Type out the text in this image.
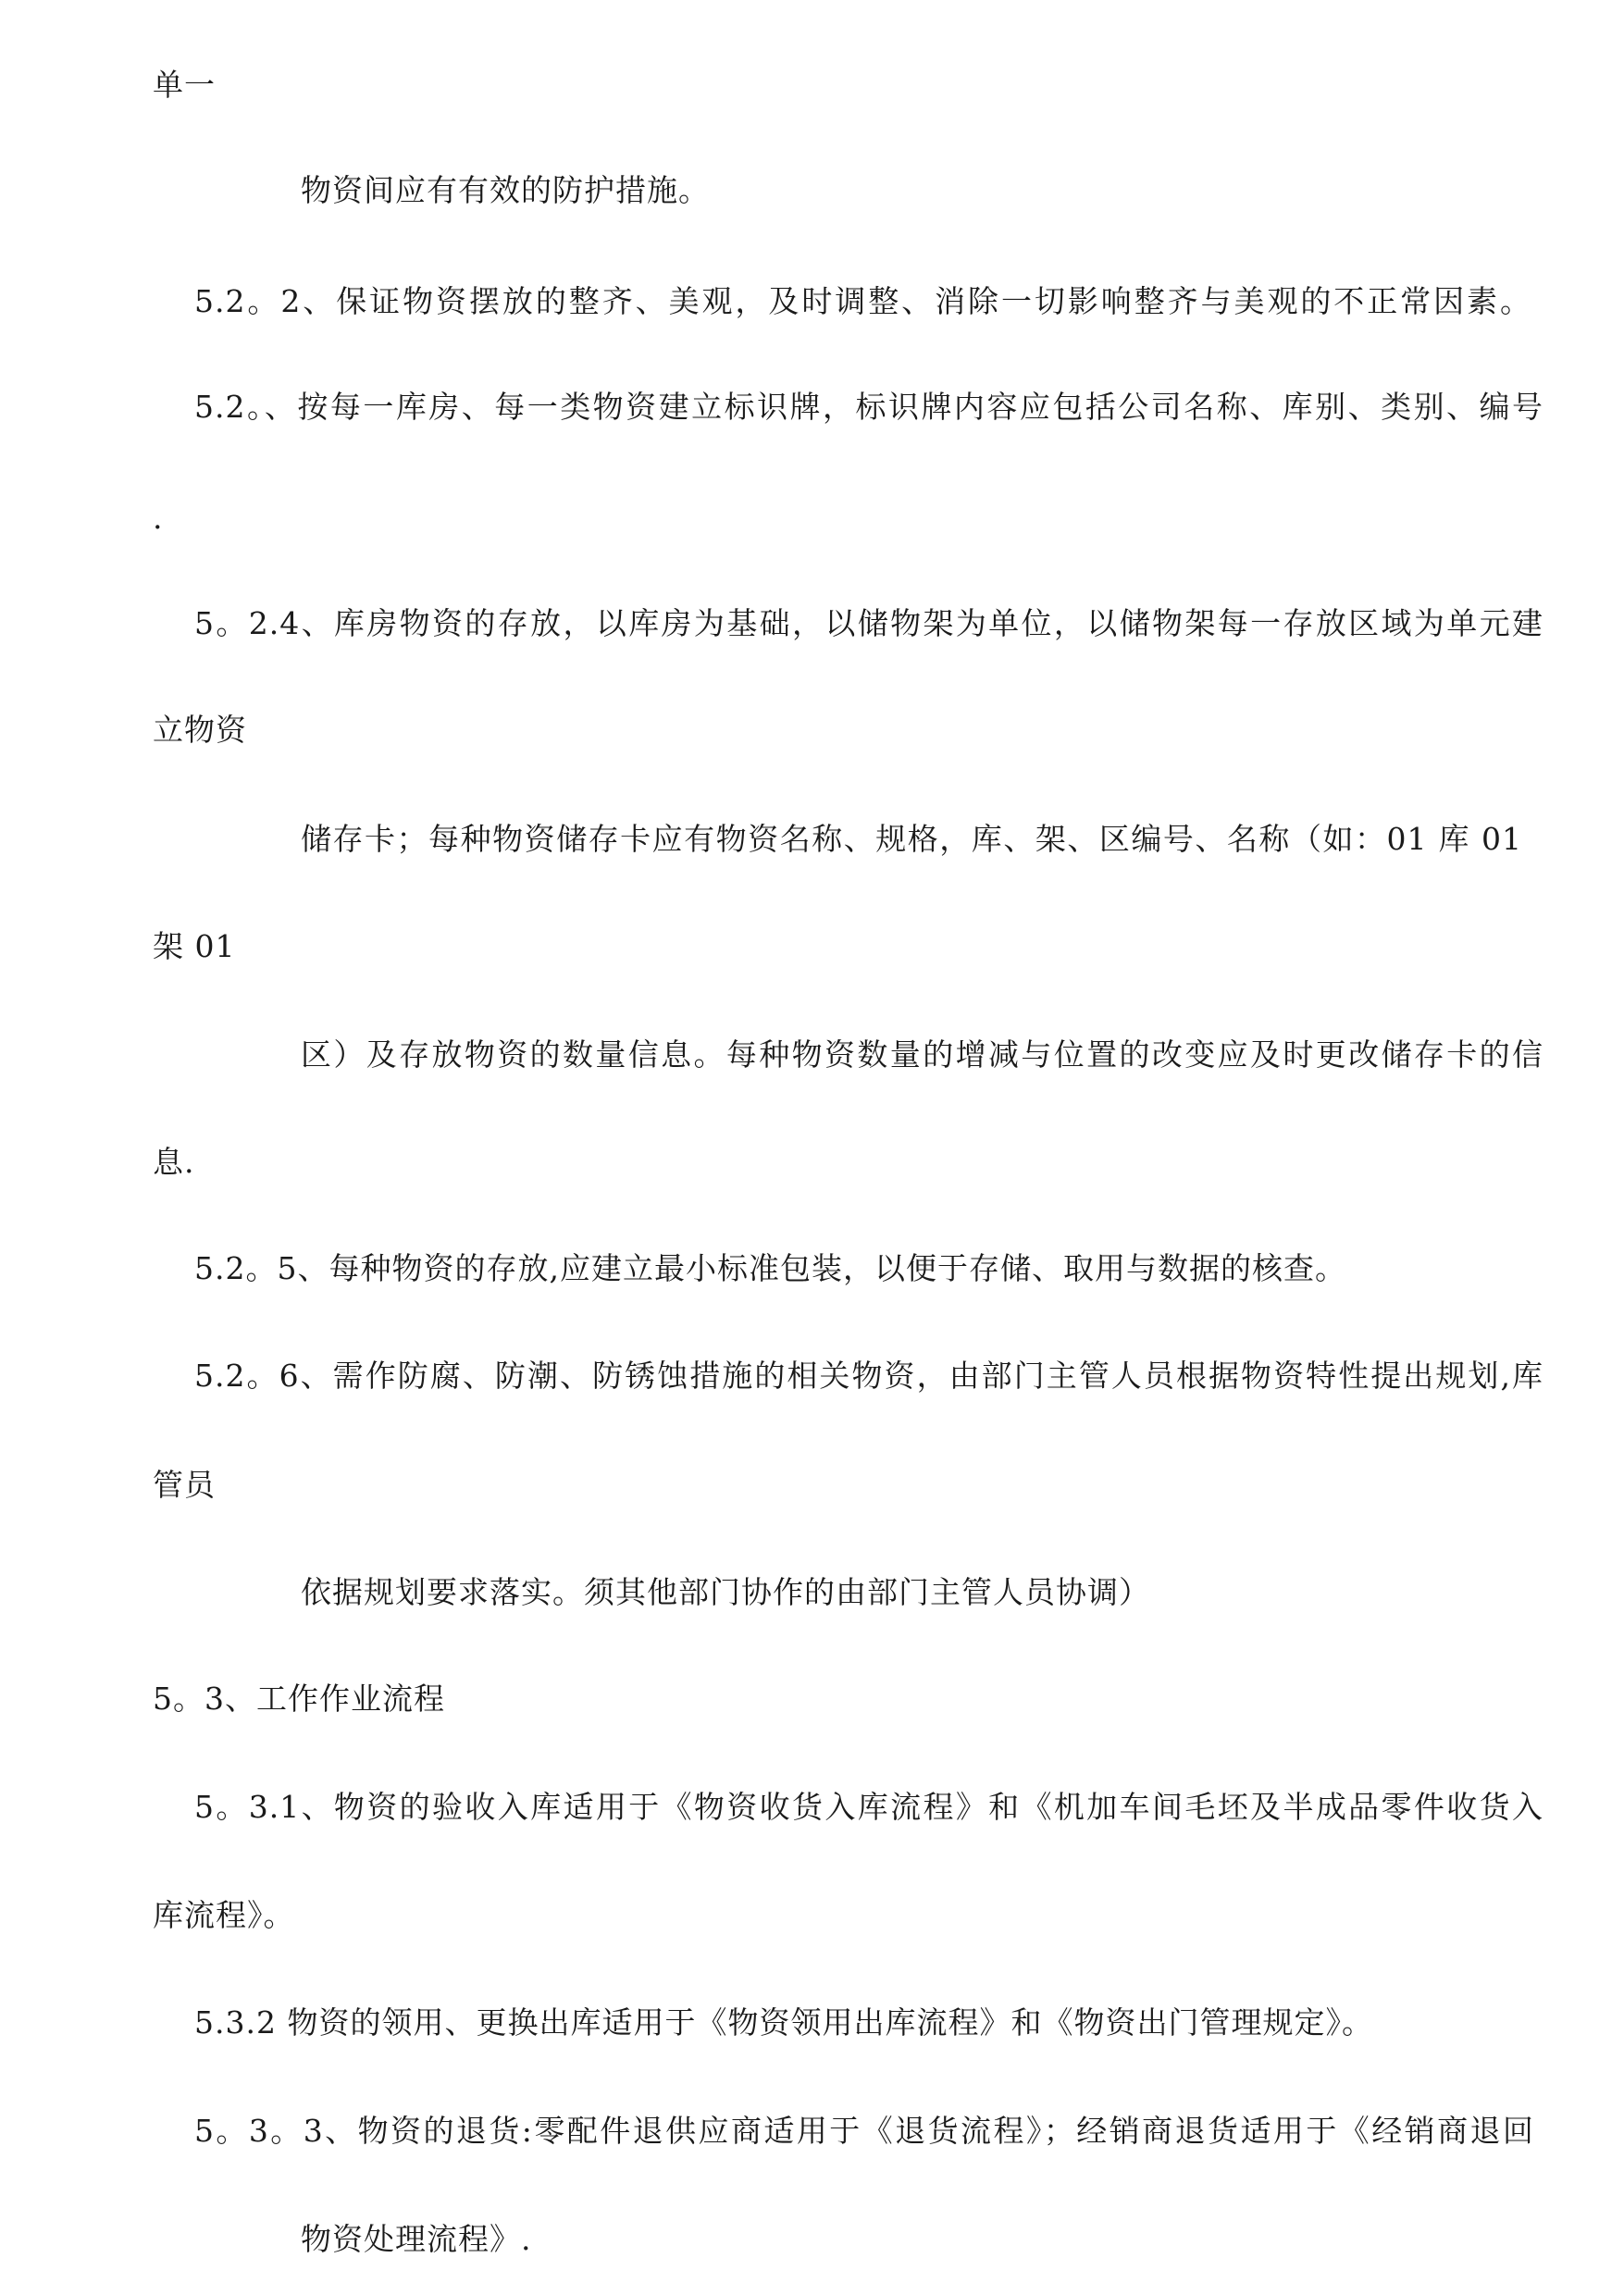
单一
物资间应有有效的防护措施。
5.2。2、保证物资摆放的整齐、美观，及时调整、消除一切影响整齐与美观的不正常因素。
5.2。、按每一库房、每一类物资建立标识牌，标识牌内容应包括公司名称、库别、类别、编号
.
5。2.4、库房物资的存放，以库房为基础，以储物架为单位，以储物架每一存放区域为单元建
立物资
储存卡；每种物资储存卡应有物资名称、规格，库、架、区编号、名称（如：01 库 01
架 01
区）及存放物资的数量信息。每种物资数量的增减与位置的改变应及时更改储存卡的信
息.
5.2。5、每种物资的存放,应建立最小标准包装，以便于存储、取用与数据的核查。
5.2。6、需作防腐、防潮、防锈蚀措施的相关物资，由部门主管人员根据物资特性提出规划,库
管员
依据规划要求落实。须其他部门协作的由部门主管人员协调）
5。3、工作作业流程
5。3.1、物资的验收入库适用于《物资收货入库流程》和《机加车间毛坯及半成品零件收货入
库流程》。
5.3.2 物资的领用、更换出库适用于《物资领用出库流程》和《物资出门管理规定》。
5。3。3、物资的退货:零配件退供应商适用于《退货流程》；经销商退货适用于《经销商退回
物资处理流程》.
